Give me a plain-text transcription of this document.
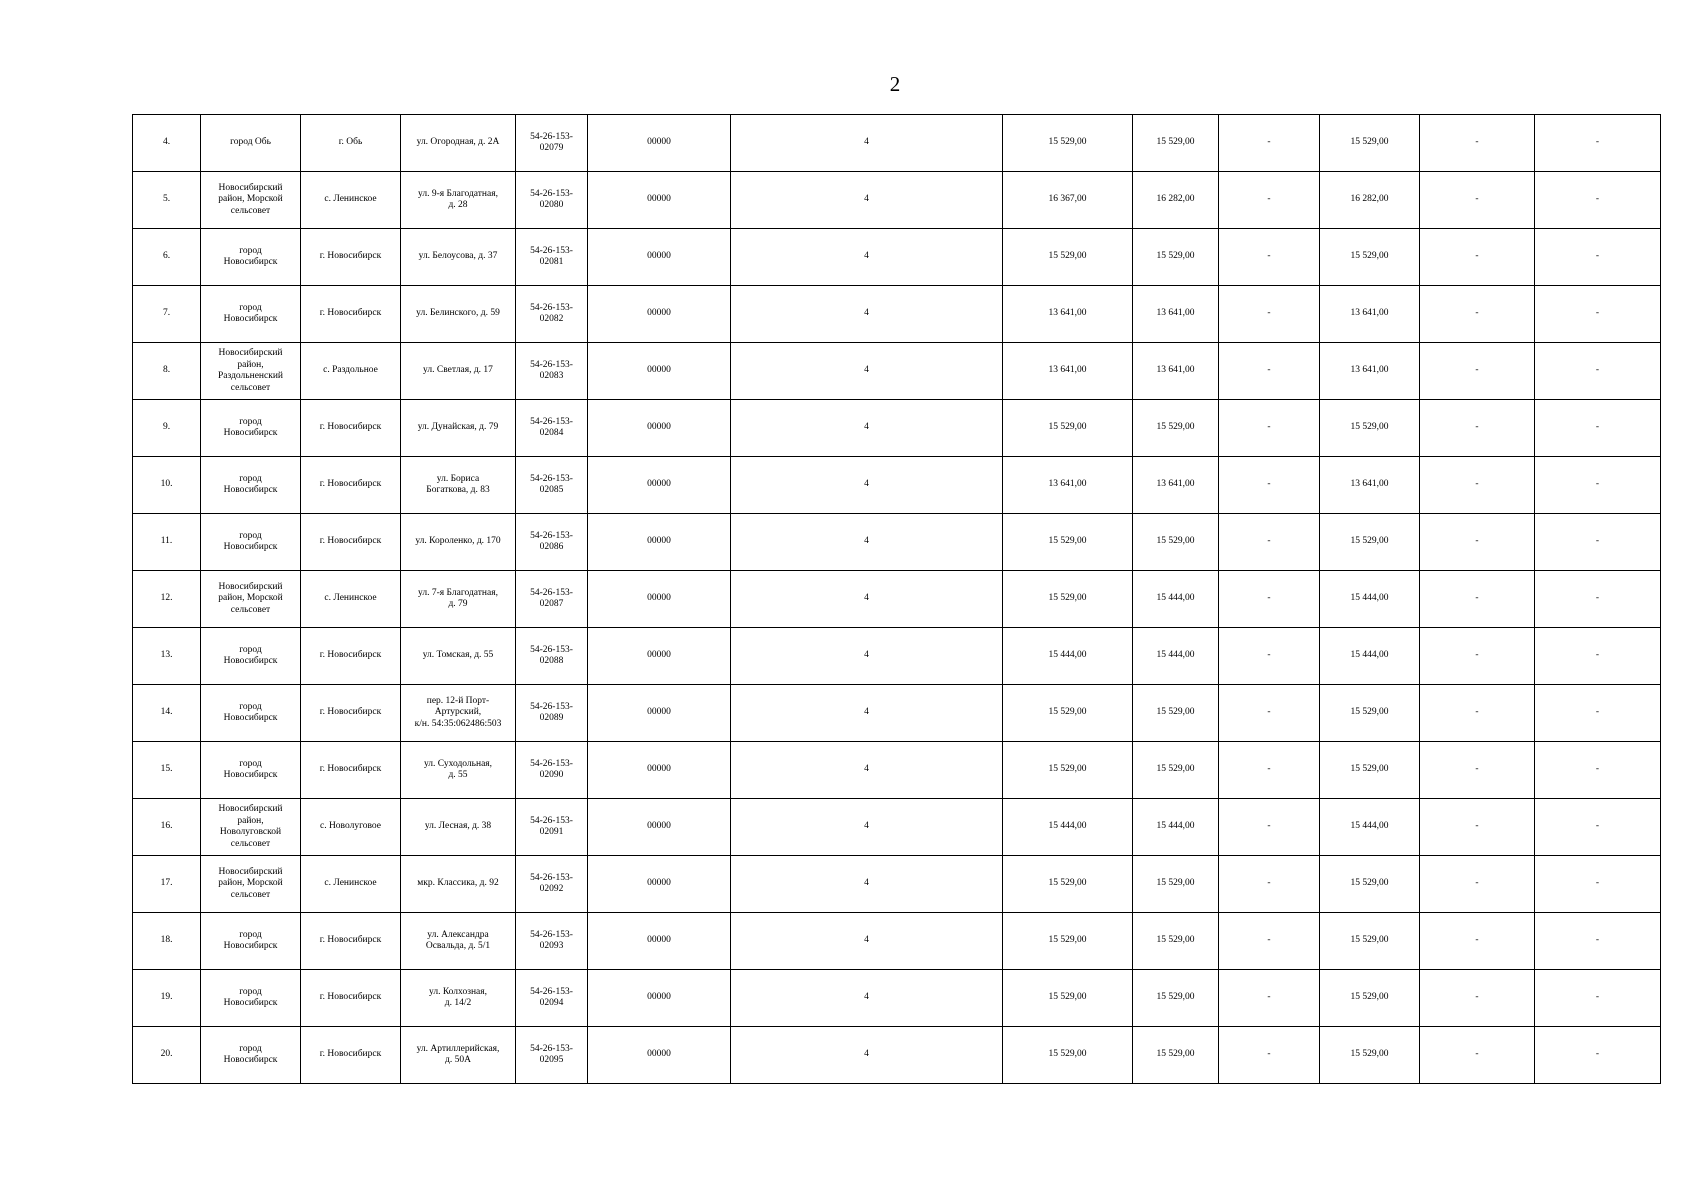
2
4.	город Обь	г. Обь	ул. Огородная, д. 2А	54-26-153-
02079	00000	4	15 529,00	15 529,00	-	15 529,00	-	-
5.	Новосибирский
район, Морской
сельсовет	с. Ленинское	ул. 9-я Благодатная,
д. 28	54-26-153-
02080	00000	4	16 367,00	16 282,00	-	16 282,00	-	-
6.	город
Новосибирск	г. Новосибирск	ул. Белоусова, д. 37	54-26-153-
02081	00000	4	15 529,00	15 529,00	-	15 529,00	-	-
7.	город
Новосибирск	г. Новосибирск	ул. Белинского, д. 59	54-26-153-
02082	00000	4	13 641,00	13 641,00	-	13 641,00	-	-
8.	Новосибирский
район,
Раздольненский
сельсовет	с. Раздольное	ул. Светлая, д. 17	54-26-153-
02083	00000	4	13 641,00	13 641,00	-	13 641,00	-	-
9.	город
Новосибирск	г. Новосибирск	ул. Дунайская, д. 79	54-26-153-
02084	00000	4	15 529,00	15 529,00	-	15 529,00	-	-
10.	город
Новосибирск	г. Новосибирск	ул. Бориса
Богаткова, д. 83	54-26-153-
02085	00000	4	13 641,00	13 641,00	-	13 641,00	-	-
11.	город
Новосибирск	г. Новосибирск	ул. Короленко, д. 170	54-26-153-
02086	00000	4	15 529,00	15 529,00	-	15 529,00	-	-
12.	Новосибирский
район, Морской
сельсовет	с. Ленинское	ул. 7-я Благодатная,
д. 79	54-26-153-
02087	00000	4	15 529,00	15 444,00	-	15 444,00	-	-
13.	город
Новосибирск	г. Новосибирск	ул. Томская, д. 55	54-26-153-
02088	00000	4	15 444,00	15 444,00	-	15 444,00	-	-
14.	город
Новосибирск	г. Новосибирск	пер. 12-й Порт-
Артурский,
к/н. 54:35:062486:503	54-26-153-
02089	00000	4	15 529,00	15 529,00	-	15 529,00	-	-
15.	город
Новосибирск	г. Новосибирск	ул. Суходольная,
д. 55	54-26-153-
02090	00000	4	15 529,00	15 529,00	-	15 529,00	-	-
16.	Новосибирский
район,
Новолуговской
сельсовет	с. Новолуговое	ул. Лесная, д. 38	54-26-153-
02091	00000	4	15 444,00	15 444,00	-	15 444,00	-	-
17.	Новосибирский
район, Морской
сельсовет	с. Ленинское	мкр. Классика, д. 92	54-26-153-
02092	00000	4	15 529,00	15 529,00	-	15 529,00	-	-
18.	город
Новосибирск	г. Новосибирск	ул. Александра
Освальда, д. 5/1	54-26-153-
02093	00000	4	15 529,00	15 529,00	-	15 529,00	-	-
19.	город
Новосибирск	г. Новосибирск	ул. Колхозная,
д. 14/2	54-26-153-
02094	00000	4	15 529,00	15 529,00	-	15 529,00	-	-
20.	город
Новосибирск	г. Новосибирск	ул. Артиллерийская,
д. 50А	54-26-153-
02095	00000	4	15 529,00	15 529,00	-	15 529,00	-	-
